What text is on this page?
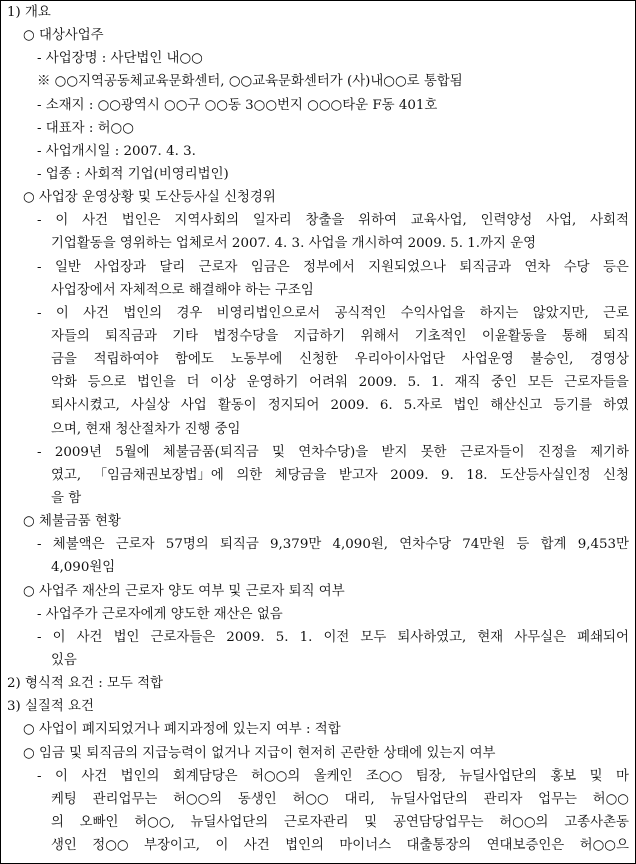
1) 개요
○ 대상사업주
- 사업장명 : 사단법인 내○○
※ ○○지역공동체교육문화센터, ○○교육문화센터가 (사)내○○로 통합됨
- 소재지 : ○○광역시 ○○구 ○○동 3○○번지 ○○○타운 F동 401호
- 대표자 : 허○○
- 사업개시일 : 2007. 4. 3.
- 업종 : 사회적 기업(비영리법인)
○ 사업장 운영상황 및 도산등사실 신청경위
- 이 사건 법인은 지역사회의 일자리 창출을 위하여 교육사업, 인력양성 사업, 사회적
기업활동을 영위하는 업체로서 2007. 4. 3. 사업을 개시하여 2009. 5. 1.까지 운영
- 일반 사업장과 달리 근로자 임금은 정부에서 지원되었으나 퇴직금과 연차 수당 등은
사업장에서 자체적으로 해결해야 하는 구조임
- 이 사건 법인의 경우 비영리법인으로서 공식적인 수익사업을 하지는 않았지만, 근로
자들의 퇴직금과 기타 법정수당을 지급하기 위해서 기초적인 이윤활동을 통해 퇴직
금을 적립하여야 함에도 노동부에 신청한 우리아이사업단 사업운영 불승인, 경영상
악화 등으로 법인을 더 이상 운영하기 어려워 2009. 5. 1. 재직 중인 모든 근로자들을
퇴사시켰고, 사실상 사업 활동이 정지되어 2009. 6. 5.자로 법인 해산신고 등기를 하였
으며, 현재 청산절차가 진행 중임
- 2009년 5월에 체불금품(퇴직금 및 연차수당)을 받지 못한 근로자들이 진정을 제기하
였고, 「임금채권보장법」에 의한 체당금을 받고자 2009. 9. 18. 도산등사실인정 신청
을 함
○ 체불금품 현황
- 체불액은 근로자 57명의 퇴직금 9,379만 4,090원, 연차수당 74만원 등 합계 9,453만
4,090원임
○ 사업주 재산의 근로자 양도 여부 및 근로자 퇴직 여부
- 사업주가 근로자에게 양도한 재산은 없음
- 이 사건 법인 근로자들은 2009. 5. 1. 이전 모두 퇴사하였고, 현재 사무실은 폐쇄되어
있음
2) 형식적 요건 : 모두 적합
3) 실질적 요건
○ 사업이 폐지되었거나 폐지과정에 있는지 여부 : 적합
○ 임금 및 퇴직금의 지급능력이 없거나 지급이 현저히 곤란한 상태에 있는지 여부
- 이 사건 법인의 회계담당은 허○○의 올케인 조○○ 팀장, 뉴딜사업단의 홍보 및 마
케팅 관리업무는 허○○의 동생인 허○○ 대리, 뉴딜사업단의 관리자 업무는 허○○
의 오빠인 허○○, 뉴딜사업단의 근로자관리 및 공연담당업무는 허○○의 고종사촌동
생인 정○○ 부장이고, 이 사건 법인의 마이너스 대출통장의 연대보증인은 허○○으
